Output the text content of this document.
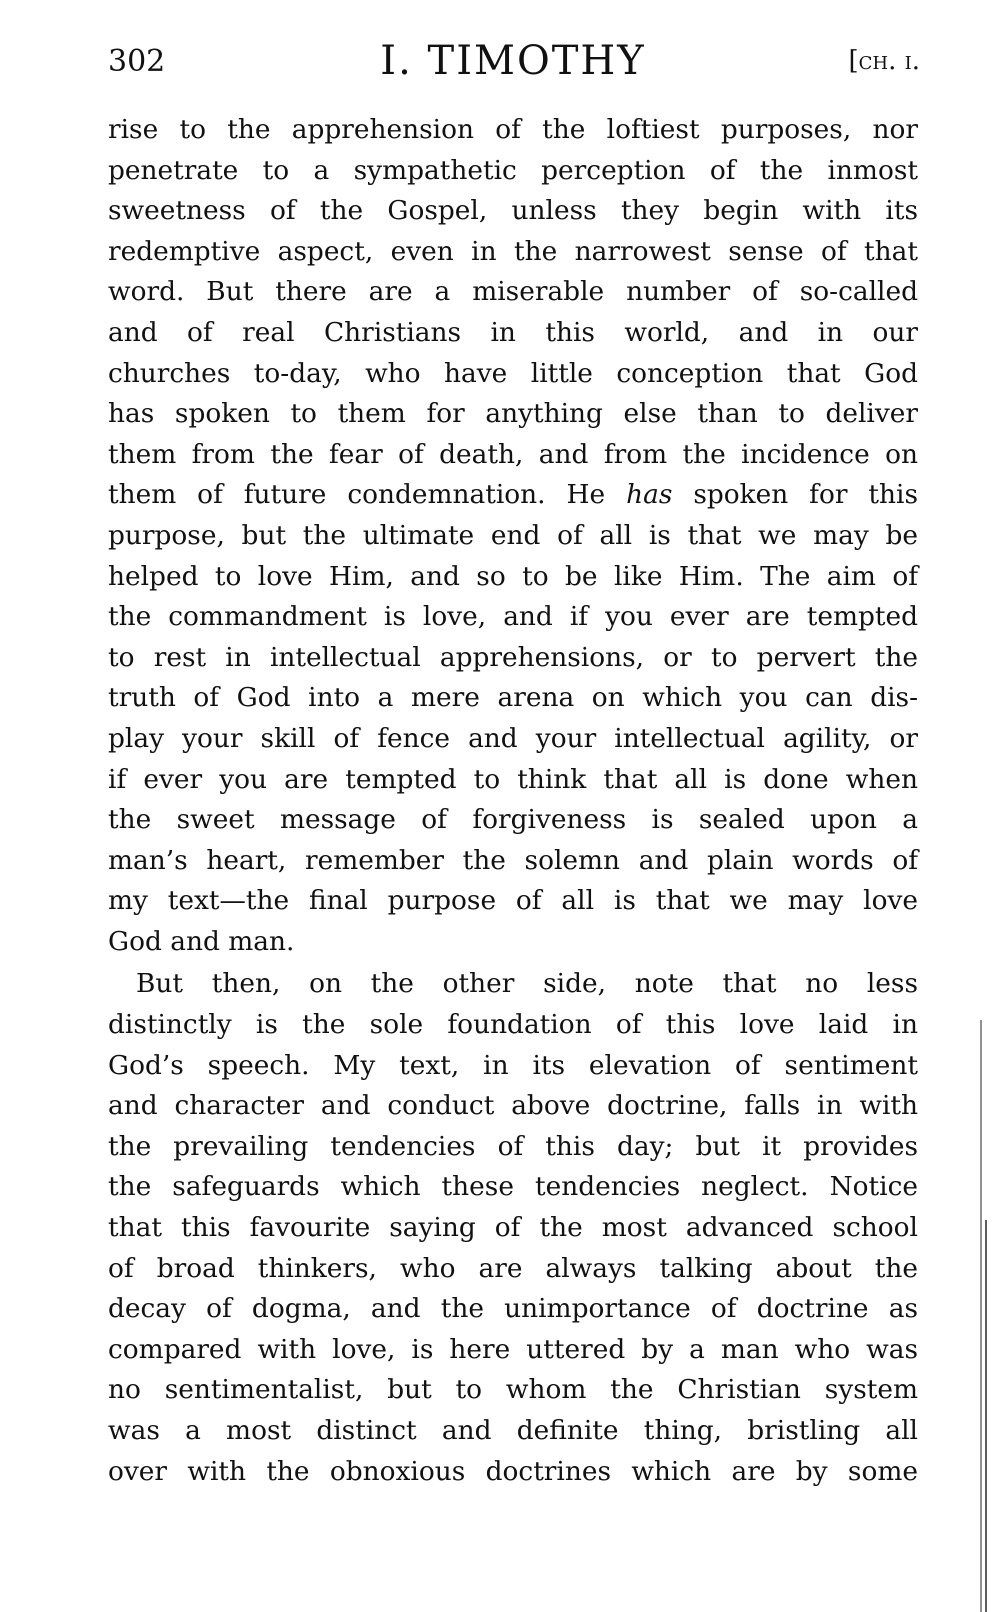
302	I. TIMOTHY	[ch. i.

rise to the apprehension of the loftiest purposes, nor
penetrate to a sympathetic perception of the inmost
sweetness of the Gospel, unless they begin with its
redemptive aspect, even in the narrowest sense of that
word. But there are a miserable number of so-called
and of real Christians in this world, and in our
churches to-day, who have little conception that God
has spoken to them for anything else than to deliver
them from the fear of death, and from the incidence on
them of future condemnation. He has spoken for this
purpose, but the ultimate end of all is that we may be
helped to love Him, and so to be like Him. The aim of
the commandment is love, and if you ever are tempted
to rest in intellectual apprehensions, or to pervert the
truth of God into a mere arena on which you can dis-
play your skill of fence and your intellectual agility, or
if ever you are tempted to think that all is done when
the sweet message of forgiveness is sealed upon a
man’s heart, remember the solemn and plain words of
my text—the final purpose of all is that we may love
God and man.

But then, on the other side, note that no less
distinctly is the sole foundation of this love laid in
God’s speech. My text, in its elevation of sentiment
and character and conduct above doctrine, falls in with
the prevailing tendencies of this day; but it provides
the safeguards which these tendencies neglect. Notice
that this favourite saying of the most advanced school
of broad thinkers, who are always talking about the
decay of dogma, and the unimportance of doctrine as
compared with love, is here uttered by a man who was
no sentimentalist, but to whom the Christian system
was a most distinct and definite thing, bristling all
over with the obnoxious doctrines which are by some
